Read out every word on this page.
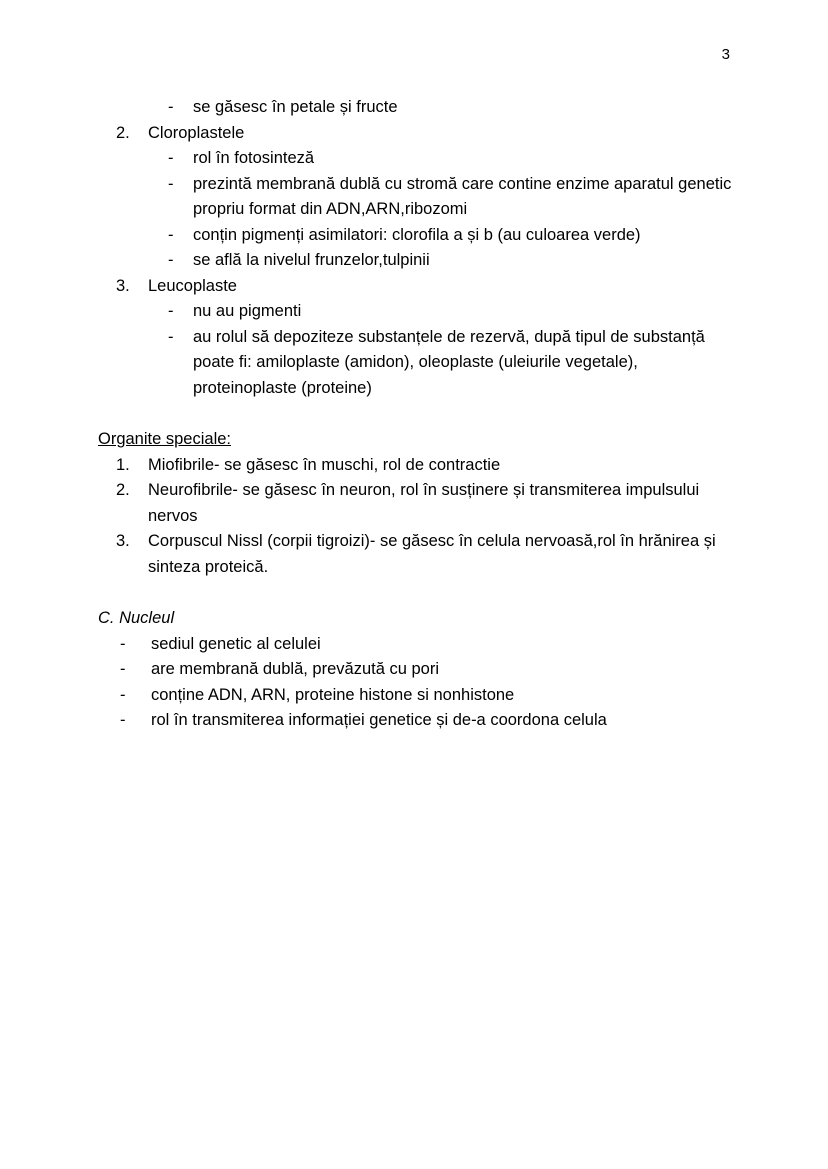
3
-	se găsesc în petale și fructe
2.	Cloroplastele
-	rol în fotosinteză
-	prezintă membrană dublă cu stromă care contine enzime aparatul genetic propriu format din ADN,ARN,ribozomi
-	conțin pigmenți asimilatori: clorofila a și b (au culoarea verde)
-	se află la nivelul frunzelor,tulpinii
3.	Leucoplaste
-	nu au pigmenti
-	au rolul să depoziteze substanțele de rezervă, după tipul de substanță poate fi: amiloplaste (amidon), oleoplaste (uleiurile vegetale), proteinoplaste (proteine)
Organite speciale:
1.	Miofibrile- se găsesc în muschi, rol de contractie
2.	Neurofibrile- se găsesc în neuron, rol în susținere și transmiterea impulsului nervos
3.	Corpuscul Nissl (corpii tigroizi)- se găsesc în celula nervoasă,rol în hrănirea și sinteza proteică.
C. Nucleul
-	sediul genetic al celulei
-	are membrană dublă, prevăzută cu pori
-	conține ADN, ARN, proteine histone si nonhistone
-	rol în transmiterea informației genetice și de-a coordona celula
